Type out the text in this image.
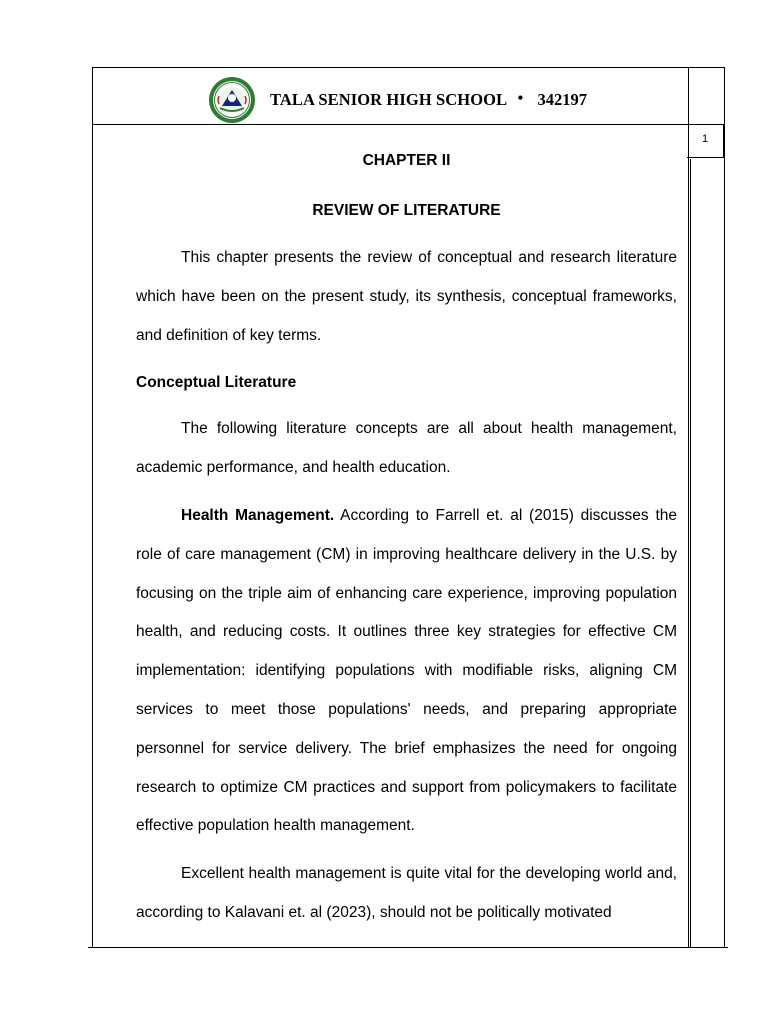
1
TALA SENIOR HIGH SCHOOL • 342197
CHAPTER II
REVIEW OF LITERATURE

This chapter presents the review of conceptual and research literature which have been on the present study, its synthesis, conceptual frameworks, and definition of key terms.

Conceptual Literature

The following literature concepts are all about health management, academic performance, and health education.

Health Management. According to Farrell et. al (2015) discusses the role of care management (CM) in improving healthcare delivery in the U.S. by focusing on the triple aim of enhancing care experience, improving population health, and reducing costs. It outlines three key strategies for effective CM implementation: identifying populations with modifiable risks, aligning CM services to meet those populations' needs, and preparing appropriate personnel for service delivery. The brief emphasizes the need for ongoing research to optimize CM practices and support from policymakers to facilitate effective population health management.

Excellent health management is quite vital for the developing world and, according to Kalavani et. al (2023), should not be politically motivated
